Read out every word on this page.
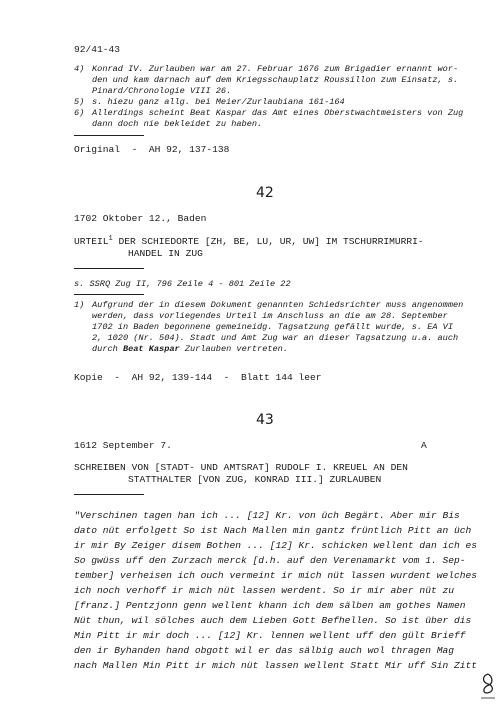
92/41-43
4) Konrad IV. Zurlauben war am 27. Februar 1676 zum Brigadier ernannt wor-
den und kam darnach auf dem Kriegsschauplatz Roussillon zum Einsatz, s.
Pinard/Chronologie VIII 26.
5) s. hiezu ganz allg. bei Meier/Zurlaubiana 161-164
6) Allerdings scheint Beat Kaspar das Amt eines Oberstwachtmeisters von Zug
dann doch nie bekleidet zu haben.
Original  -  AH 92, 137-138
42
1702 Oktober 12., Baden
URTEIL$^1$ DER SCHIEDORTE [ZH, BE, LU, UR, UW] IM TSCHURRIMURRI-
HANDEL IN ZUG
s. SSRQ Zug II, 796 Zeile 4 - 801 Zeile 22
1) Aufgrund der in diesem Dokument genannten Schiedsrichter muss angenommen
werden, dass vorliegendes Urteil im Anschluss an die am 28. September
1702 in Baden begonnene gemeineidg. Tagsatzung gefällt wurde, s. EA VI
2, 1020 (Nr. 504). Stadt und Amt Zug war an dieser Tagsatzung u.a. auch
durch Beat Kaspar Zurlauben vertreten.
Kopie  -  AH 92, 139-144  -  Blatt 144 leer
43
1612 September 7.	A
SCHREIBEN VON [STADT- UND AMTSRAT] RUDOLF I. KREUEL AN DEN
STATTHALTER [VON ZUG, KONRAD III.] ZURLAUBEN
"Verschinen tagen han ich ... [12] Kr. von üch Begärt. Aber mir Bis
dato nüt erfolgett So ist Nach Mallen min gantz früntlich Pitt an üch
ir mir By Zeiger disem Bothen ... [12] Kr. schicken wellent dan ich es
So gwüss uff den Zurzach merck [d.h. auf den Verenamarkt vom 1. Sep-
tember] verheisen ich ouch vermeint ir mich nüt lassen wurdent welches
ich noch verhoff ir mich nüt lassen werdent. So ir mir aber nüt zu
[franz.] Pentzjonn genn wellent khann ich dem sälben am gothes Namen
Nüt thun, wil sölches auch dem Lieben Gott Befhellen. So ist über dis
Min Pitt ir mir doch ... [12] Kr. lennen wellent uff den gült Brieff
den ir Byhanden hand obgott wil er das sälbig auch wol thragen Mag
nach Mallen Min Pitt ir mich nüt lassen wellent Statt Mir uff Sin Zitt
